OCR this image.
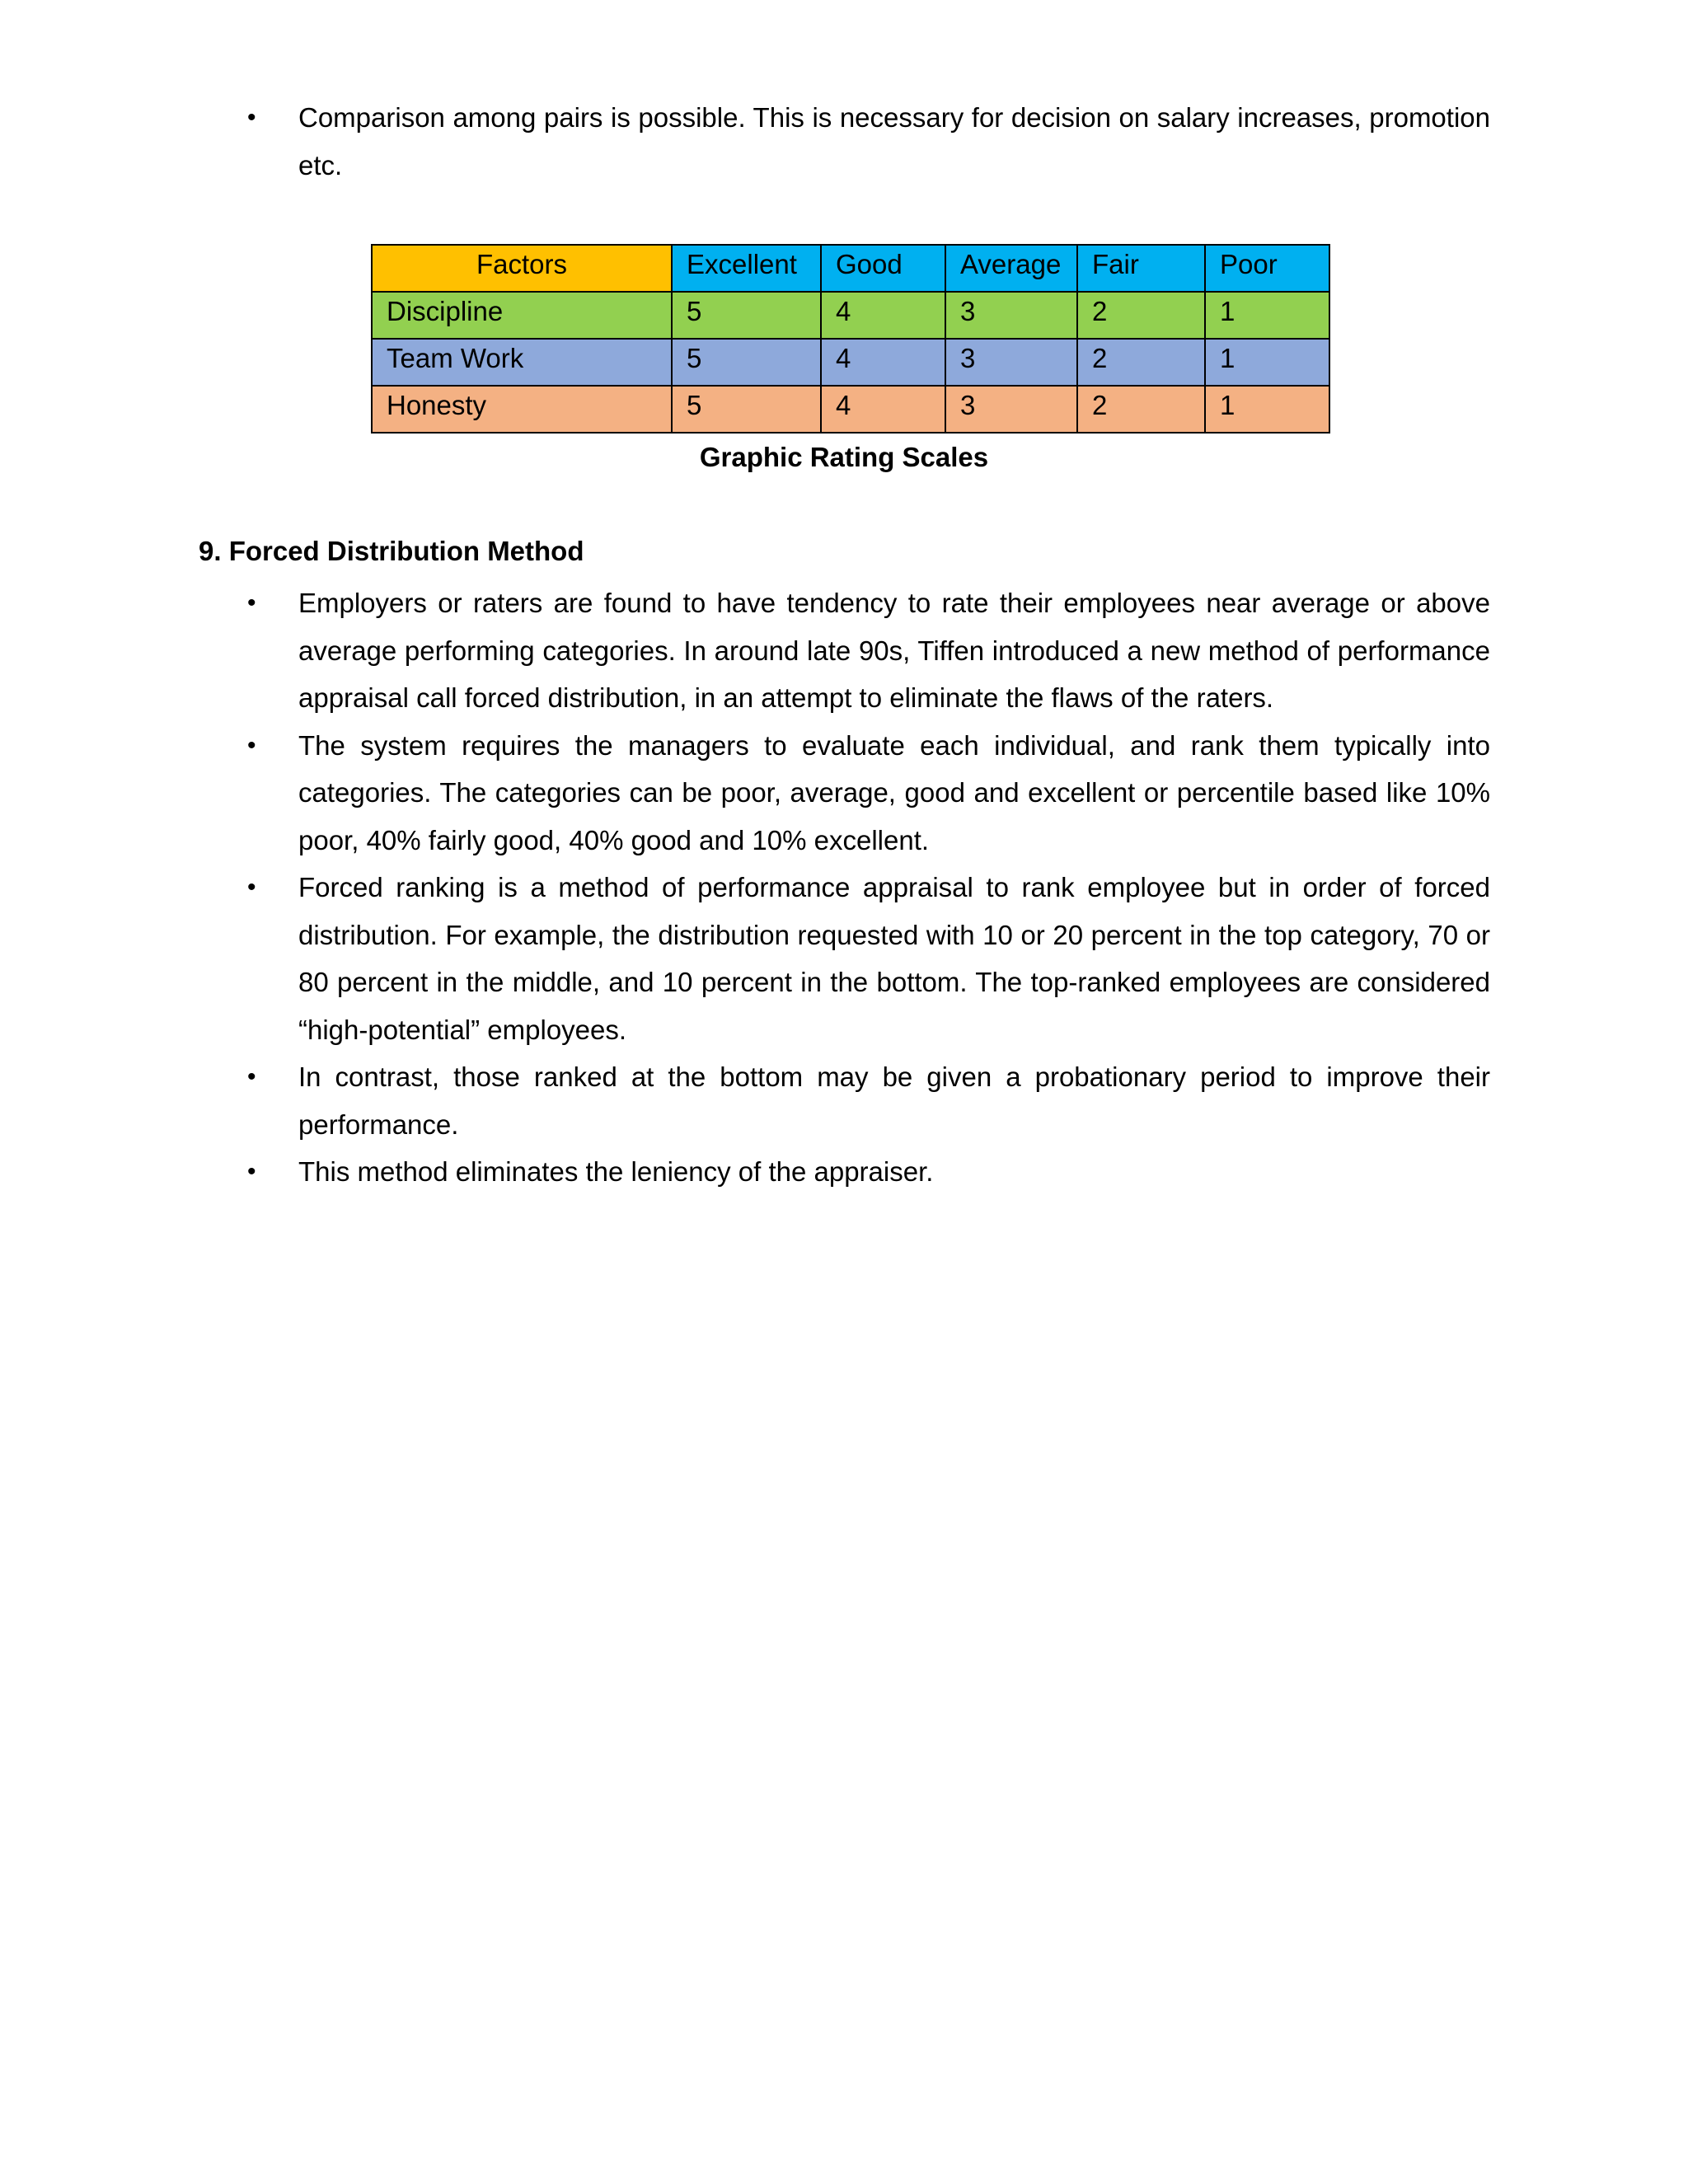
• Comparison among pairs is possible. This is necessary for decision on salary increases, promotion etc.
Factors	Excellent	Good	Average	Fair	Poor
Discipline	5	4	3	2	1
Team Work	5	4	3	2	1
Honesty	5	4	3	2	1
Graphic Rating Scales
9. Forced Distribution Method
• Employers or raters are found to have tendency to rate their employees near average or above average performing categories. In around late 90s, Tiffen introduced a new method of performance appraisal call forced distribution, in an attempt to eliminate the flaws of the raters.
• The system requires the managers to evaluate each individual, and rank them typically into categories. The categories can be poor, average, good and excellent or percentile based like 10% poor, 40% fairly good, 40% good and 10% excellent.
• Forced ranking is a method of performance appraisal to rank employee but in order of forced distribution. For example, the distribution requested with 10 or 20 percent in the top category, 70 or 80 percent in the middle, and 10 percent in the bottom. The top-ranked employees are considered “high-potential” employees.
• In contrast, those ranked at the bottom may be given a probationary period to improve their performance.
• This method eliminates the leniency of the appraiser.
